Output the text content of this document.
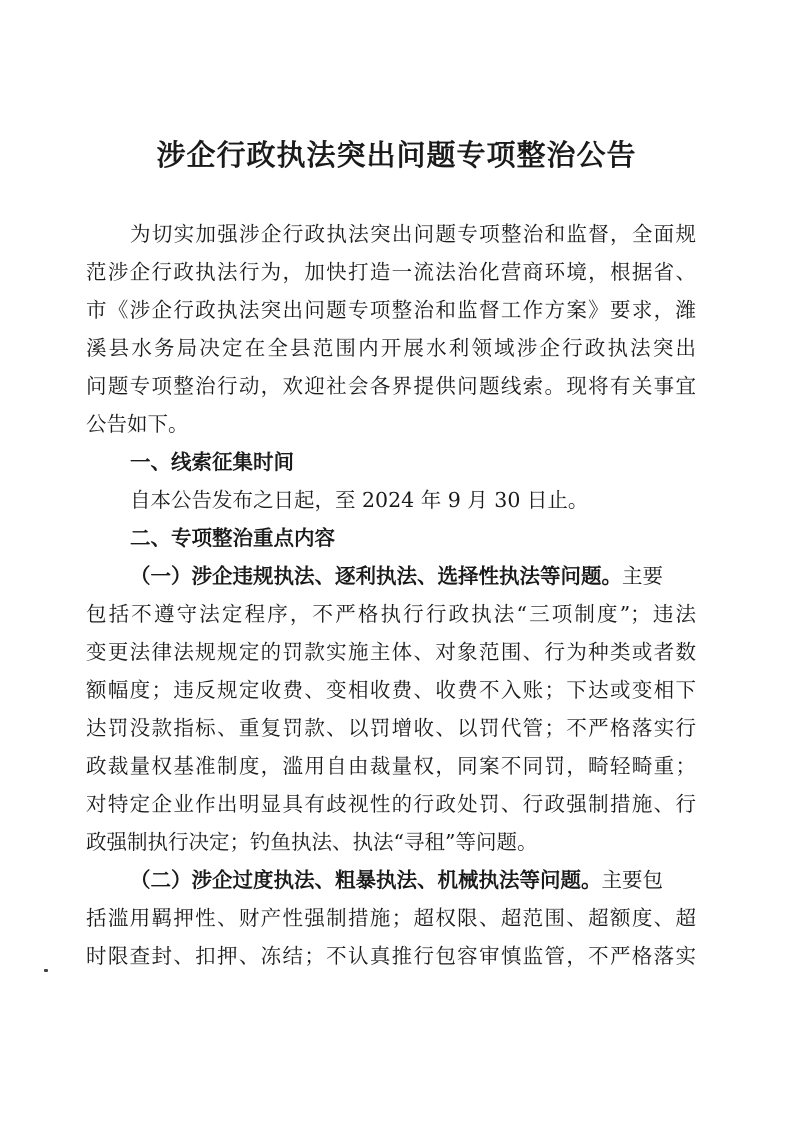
涉企行政执法突出问题专项整治公告
为切实加强涉企行政执法突出问题专项整治和监督，全面规
范涉企行政执法行为，加快打造一流法治化营商环境，根据省、
市《涉企行政执法突出问题专项整治和监督工作方案》要求，潍
溪县水务局决定在全县范围内开展水利领域涉企行政执法突出
问题专项整治行动，欢迎社会各界提供问题线索。现将有关事宜
公告如下。
一、线索征集时间
自本公告发布之日起，至 2024 年 9 月 30 日止。
二、专项整治重点内容
（一）涉企违规执法、逐利执法、选择性执法等问题。主要
包括不遵守法定程序，不严格执行行政执法“三项制度”；违法
变更法律法规规定的罚款实施主体、对象范围、行为种类或者数
额幅度；违反规定收费、变相收费、收费不入账；下达或变相下
达罚没款指标、重复罚款、以罚增收、以罚代管；不严格落实行
政裁量权基准制度，滥用自由裁量权，同案不同罚，畸轻畸重；
对特定企业作出明显具有歧视性的行政处罚、行政强制措施、行
政强制执行决定；钓鱼执法、执法“寻租”等问题。
（二）涉企过度执法、粗暴执法、机械执法等问题。主要包
括滥用羁押性、财产性强制措施；超权限、超范围、超额度、超
时限查封、扣押、冻结；不认真推行包容审慎监管，不严格落实
